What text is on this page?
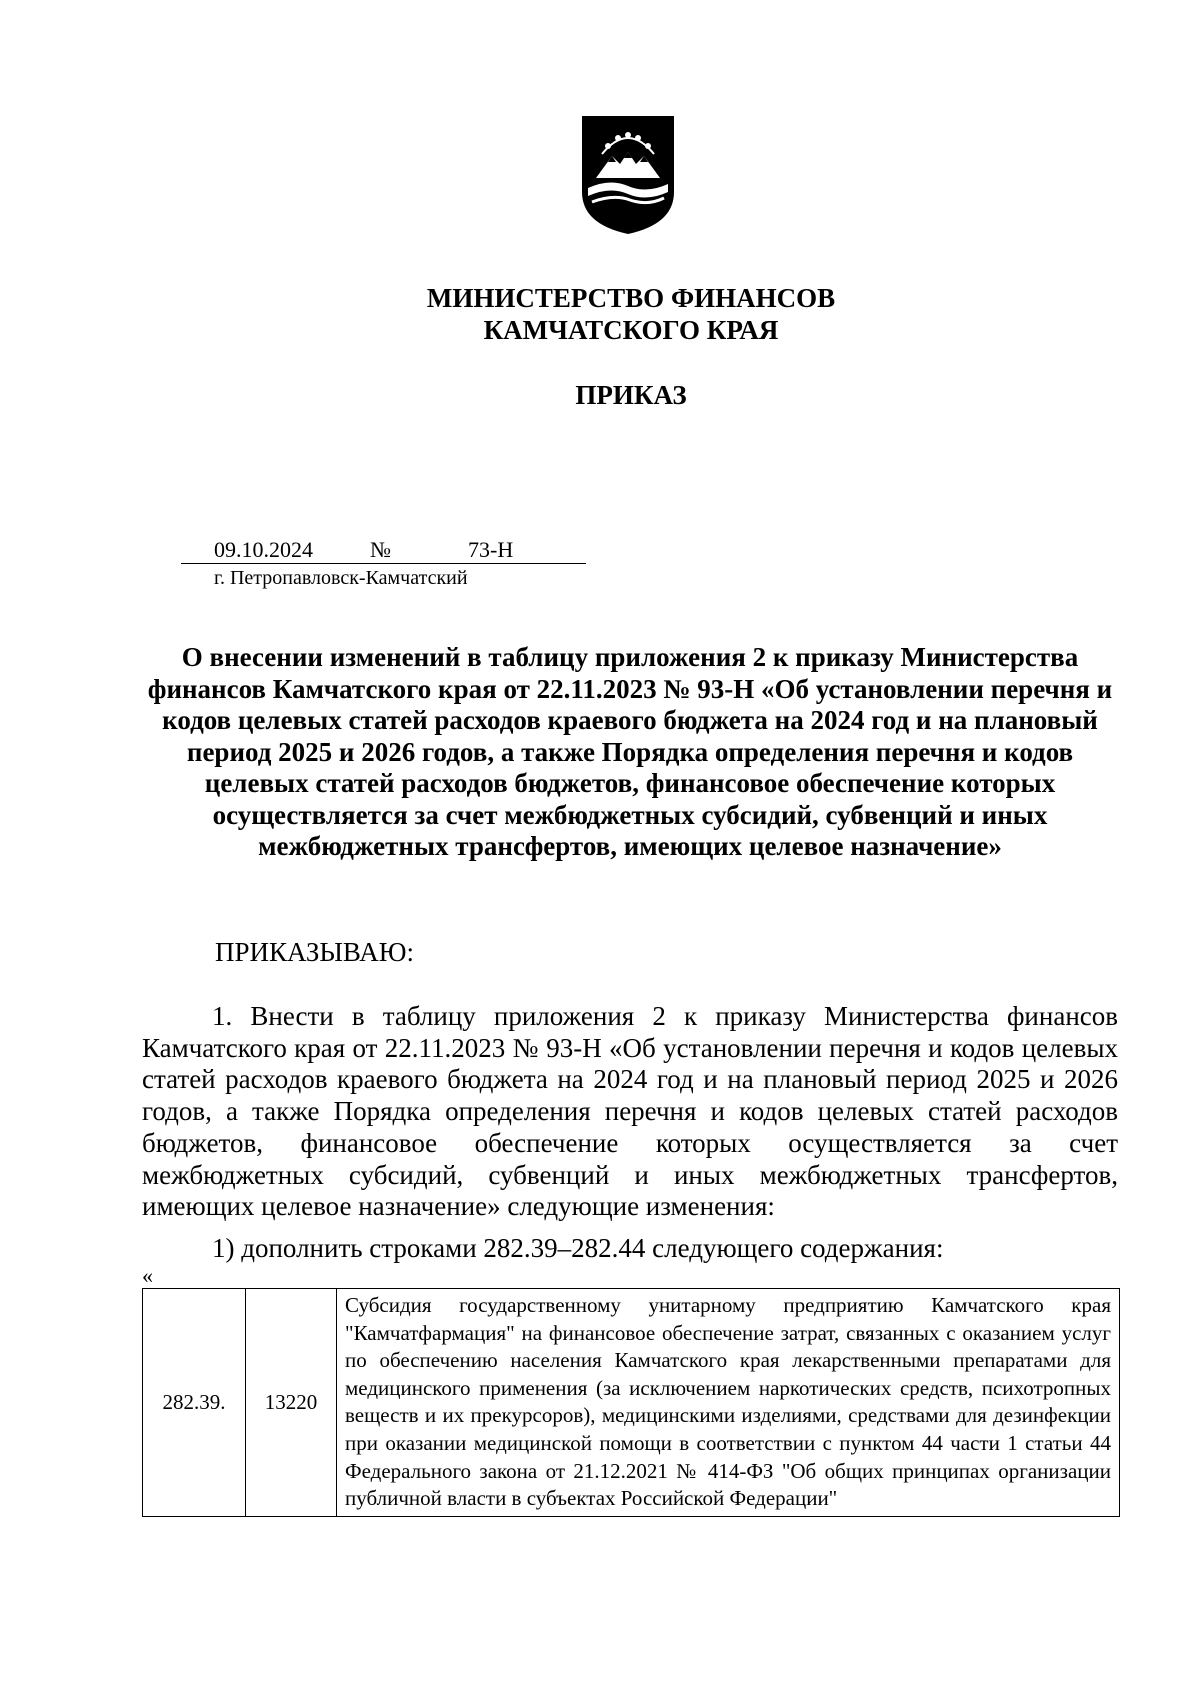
МИНИСТЕРСТВО ФИНАНСОВ
КАМЧАТСКОГО КРАЯ
ПРИКАЗ
09.10.2024	№	73-Н
г. Петропавловск-Камчатский
О внесении изменений в таблицу приложения 2 к приказу Министерства финансов Камчатского края от 22.11.2023 № 93-Н «Об установлении перечня и кодов целевых статей расходов краевого бюджета на 2024 год и на плановый период 2025 и 2026 годов, а также Порядка определения перечня и кодов целевых статей расходов бюджетов, финансовое обеспечение которых осуществляется за счет межбюджетных субсидий, субвенций и иных межбюджетных трансфертов, имеющих целевое назначение»
ПРИКАЗЫВАЮ:

1. Внести в таблицу приложения 2 к приказу Министерства финансов Камчатского края от 22.11.2023 № 93-Н «Об установлении перечня и кодов целевых статей расходов краевого бюджета на 2024 год и на плановый период 2025 и 2026 годов, а также Порядка определения перечня и кодов целевых статей расходов бюджетов, финансовое обеспечение которых осуществляется за счет межбюджетных субсидий, субвенций и иных межбюджетных трансфертов, имеющих целевое назначение» следующие изменения:

1) дополнить строками 282.39–282.44 следующего содержания:

«
282.39.	13220	Субсидия государственному унитарному предприятию Камчатского края "Камчатфармация" на финансовое обеспечение затрат, связанных с оказанием услуг по обеспечению населения Камчатского края лекарственными препаратами для медицинского применения (за исключением наркотических средств, психотропных веществ и их прекурсоров), медицинскими изделиями, средствами для дезинфекции при оказании медицинской помощи в соответствии с пунктом 44 части 1 статьи 44 Федерального закона от 21.12.2021 № 414-ФЗ "Об общих принципах организации публичной власти в субъектах Российской Федерации"
